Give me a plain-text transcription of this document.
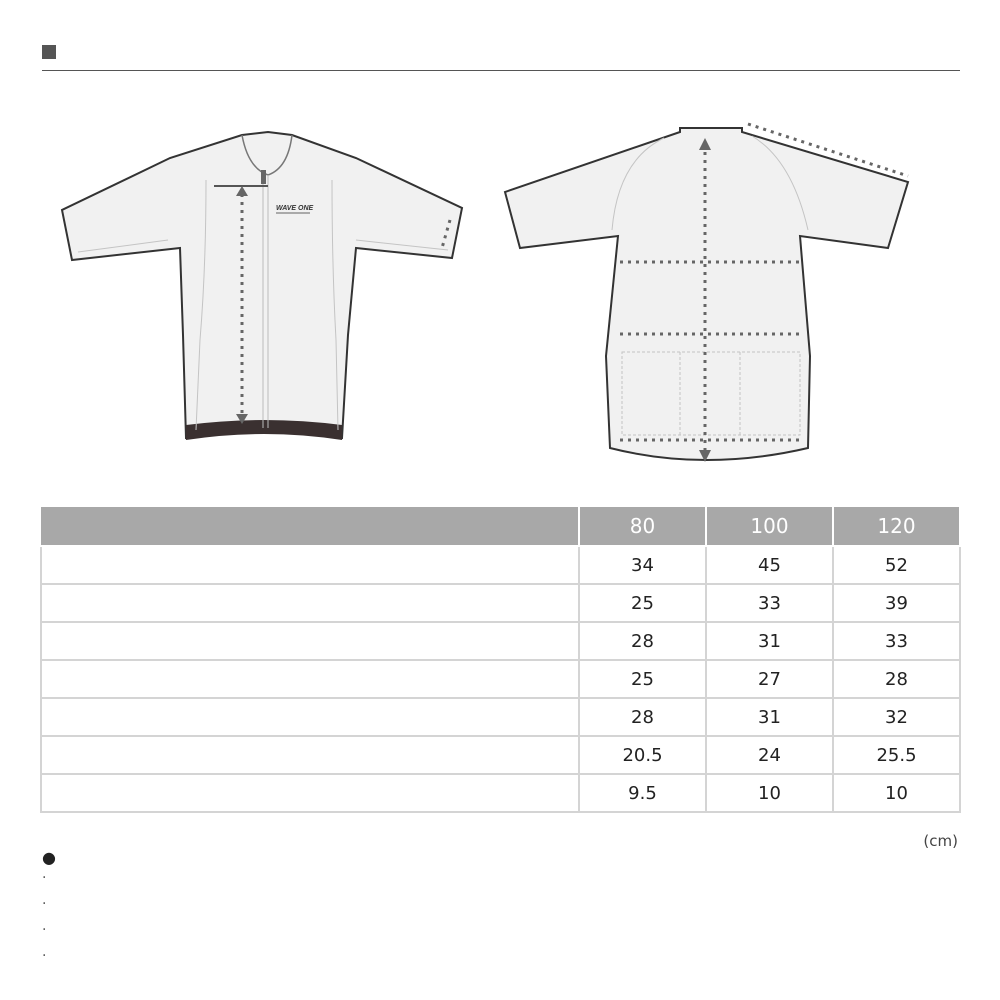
WAVE ONE
	80	100	120
	34	45	52
	25	33	39
	28	31	33
	25	27	28
	28	31	32
	20.5	24	25.5
	9.5	10	10
(cm)
●
·
·
·
·
